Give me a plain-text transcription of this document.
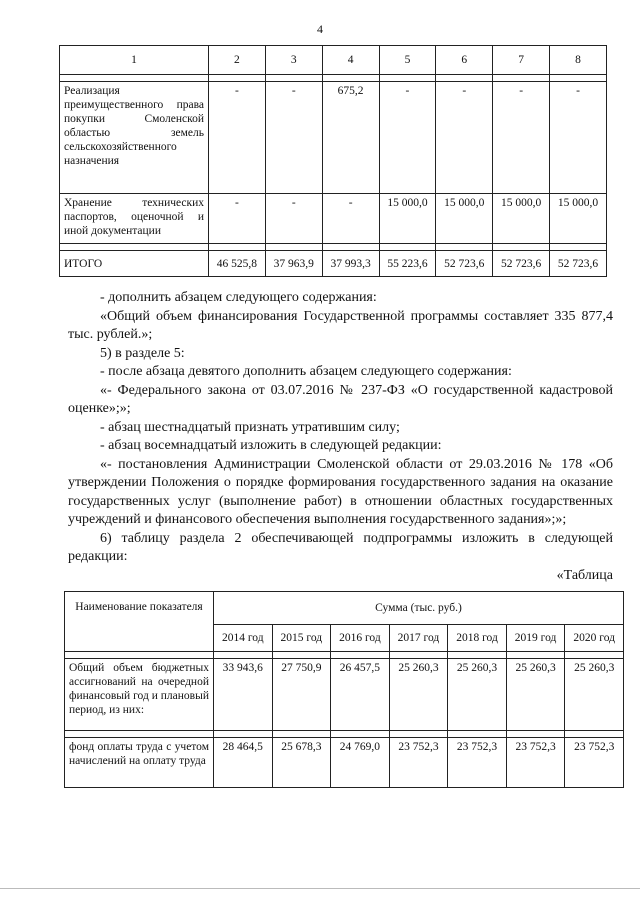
4
1	2	3	4	5	6	7	8

Реализация преимущественного права покупки Смоленской областью земель сельскохозяйственного назначения	-	-	675,2	-	-	-	-
Хранение технических паспортов, оценочной и иной документации	-	-	-	15 000,0	15 000,0	15 000,0	15 000,0

ИТОГО	46 525,8	37 963,9	37 993,3	55 223,6	52 723,6	52 723,6	52 723,6

- дополнить абзацем следующего содержания:

«Общий объем финансирования Государственной программы составляет 335 877,4 тыс. рублей.»;

5) в разделе 5:

- после абзаца девятого дополнить абзацем следующего содержания:

«- Федерального закона от 03.07.2016 № 237-ФЗ «О государственной кадастровой оценке»;»;

- абзац шестнадцатый признать утратившим силу;

- абзац восемнадцатый изложить в следующей редакции:

«- постановления Администрации Смоленской области от 29.03.2016 № 178 «Об утверждении Положения о порядке формирования государственного задания на оказание государственных услуг (выполнение работ) в отношении областных государственных учреждений и финансового обеспечения выполнения государственного задания»;»;

6) таблицу раздела 2 обеспечивающей подпрограммы изложить в следующей редакции:

«Таблица

Наименование показателя	Сумма (тыс. руб.)						
	2014 год	2015 год	2016 год	2017 год	2018 год	2019 год	2020 год

Общий объем бюджетных ассигнований на очередной финансовый год и плановый период, из них:	33 943,6	27 750,9	26 457,5	25 260,3	25 260,3	25 260,3	25 260,3

фонд оплаты труда с учетом начислений на оплату труда	28 464,5	25 678,3	24 769,0	23 752,3	23 752,3	23 752,3	23 752,3
